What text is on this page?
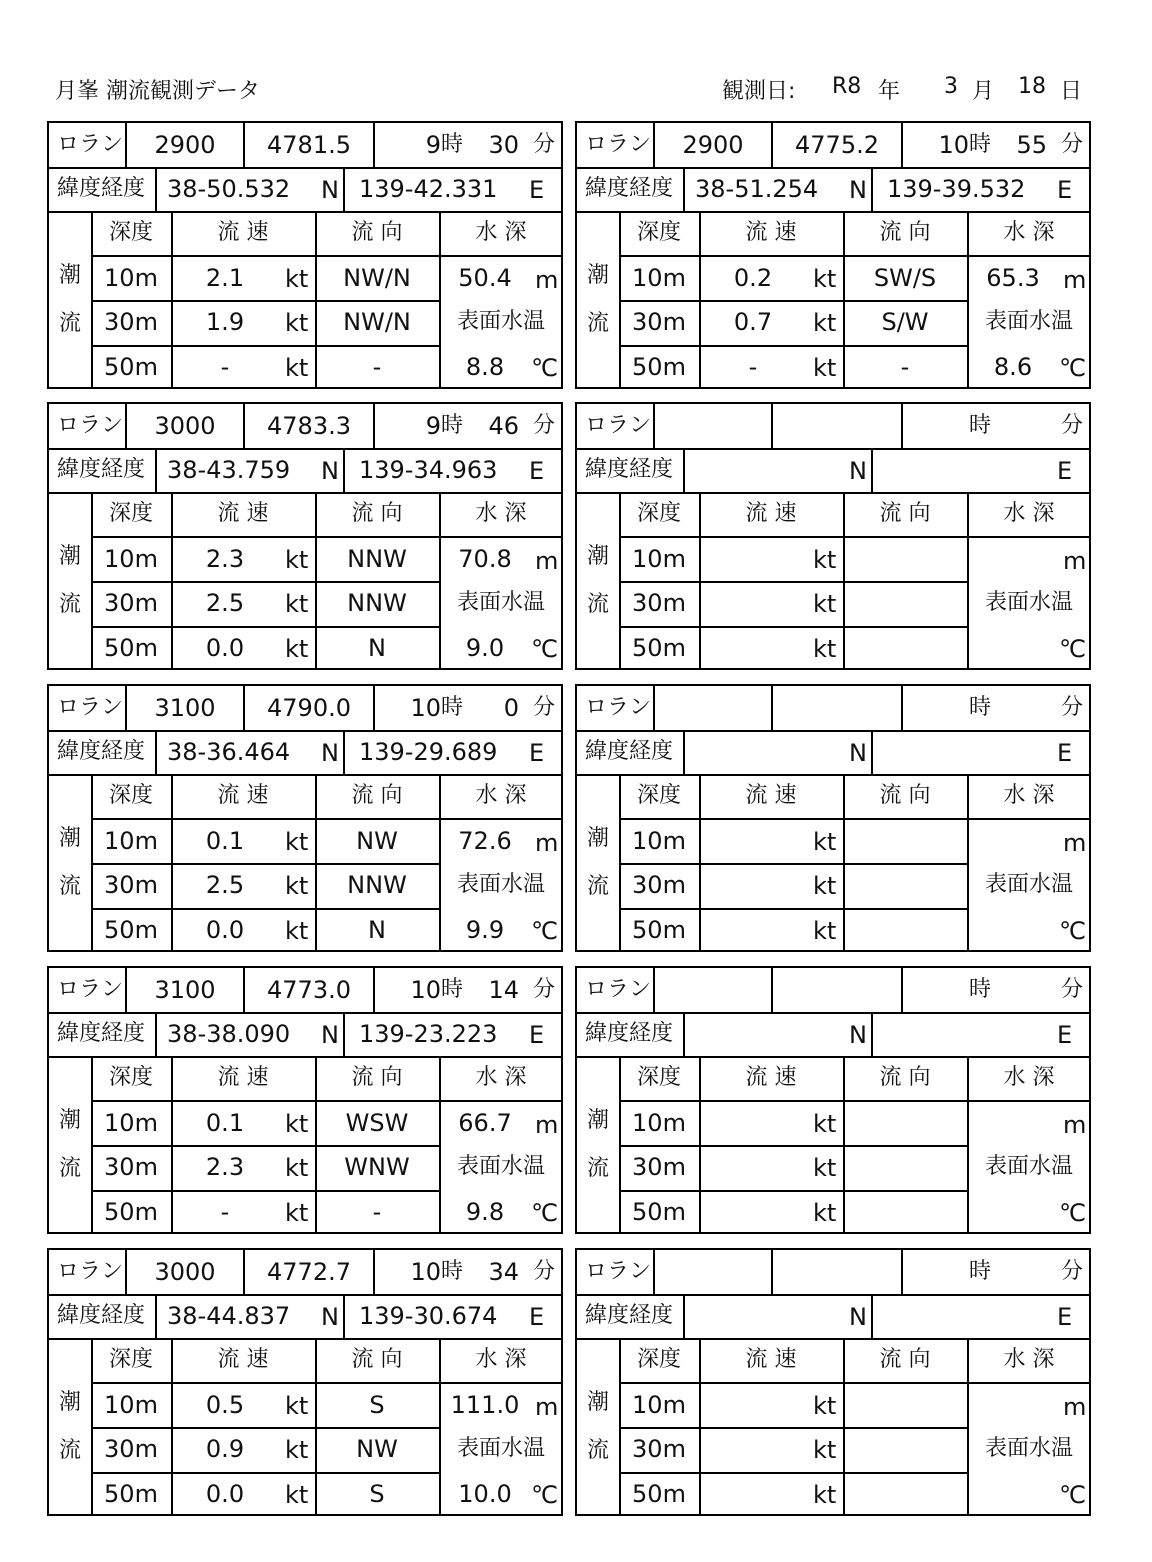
月峯 潮流観測データ	観測日: R8 年 3 月 18 日
ロラン 2900 4781.5	9 時 30 分
緯度経度 38-50.532 N 139-42.331 E
深度	流 速	流 向	水 深
潮
流
10m 2.1 kt NW/N
30m 1.9 kt NW/N
50m	- kt	-
50.4 m
表面水温
8.8 ℃
ロラン 2900 4775.2 10 時 55 分
緯度経度 38-51.254 N 139-39.532 E
深度	流 速	流 向	水 深
潮
流
10m 0.2 kt SW/S
30m 0.7 kt S/W
50m	- kt	-
65.3 m
表面水温
8.6 ℃
ロラン 3000 4783.3	9 時 46 分
緯度経度 38-43.759 N 139-34.963 E
深度	流 速	流 向	水 深
潮
流
10m 2.3 kt NNW
30m 2.5 kt NNW
50m 0.0 kt N
70.8 m
表面水温
9.0 ℃
ロラン	時	分
緯度経度	N	E
深度	流 速	流 向	水 深
潮
流
10m	kt
30m	kt
50m	kt
m
表面水温
℃
ロラン 3100 4790.0 10 時 0 分
緯度経度 38-36.464 N 139-29.689 E
深度	流 速	流 向	水 深
潮
流
10m 0.1 kt NW
30m 2.5 kt NNW
50m 0.0 kt N
72.6 m
表面水温
9.9 ℃
ロラン	時	分
緯度経度	N	E
深度	流 速	流 向	水 深
潮
流
10m	kt
30m	kt
50m	kt
m
表面水温
℃
ロラン 3100 4773.0 10 時 14 分
緯度経度 38-38.090 N 139-23.223 E
深度	流 速	流 向	水 深
潮
流
10m 0.1 kt WSW
30m 2.3 kt WNW
50m	- kt	-
66.7 m
表面水温
9.8 ℃
ロラン	時	分
緯度経度	N	E
深度	流 速	流 向	水 深
潮
流
10m	kt
30m	kt
50m	kt
m
表面水温
℃
ロラン 3000 4772.7 10 時 34 分
緯度経度 38-44.837 N 139-30.674 E
深度	流 速	流 向	水 深
潮
流
10m 0.5 kt	S
30m 0.9 kt NW
50m 0.0 kt	S
111.0 m
表面水温
10.0 ℃
ロラン	時	分
緯度経度	N	E
深度	流 速	流 向	水 深
潮
流
10m	kt
30m	kt
50m	kt
m
表面水温
℃
